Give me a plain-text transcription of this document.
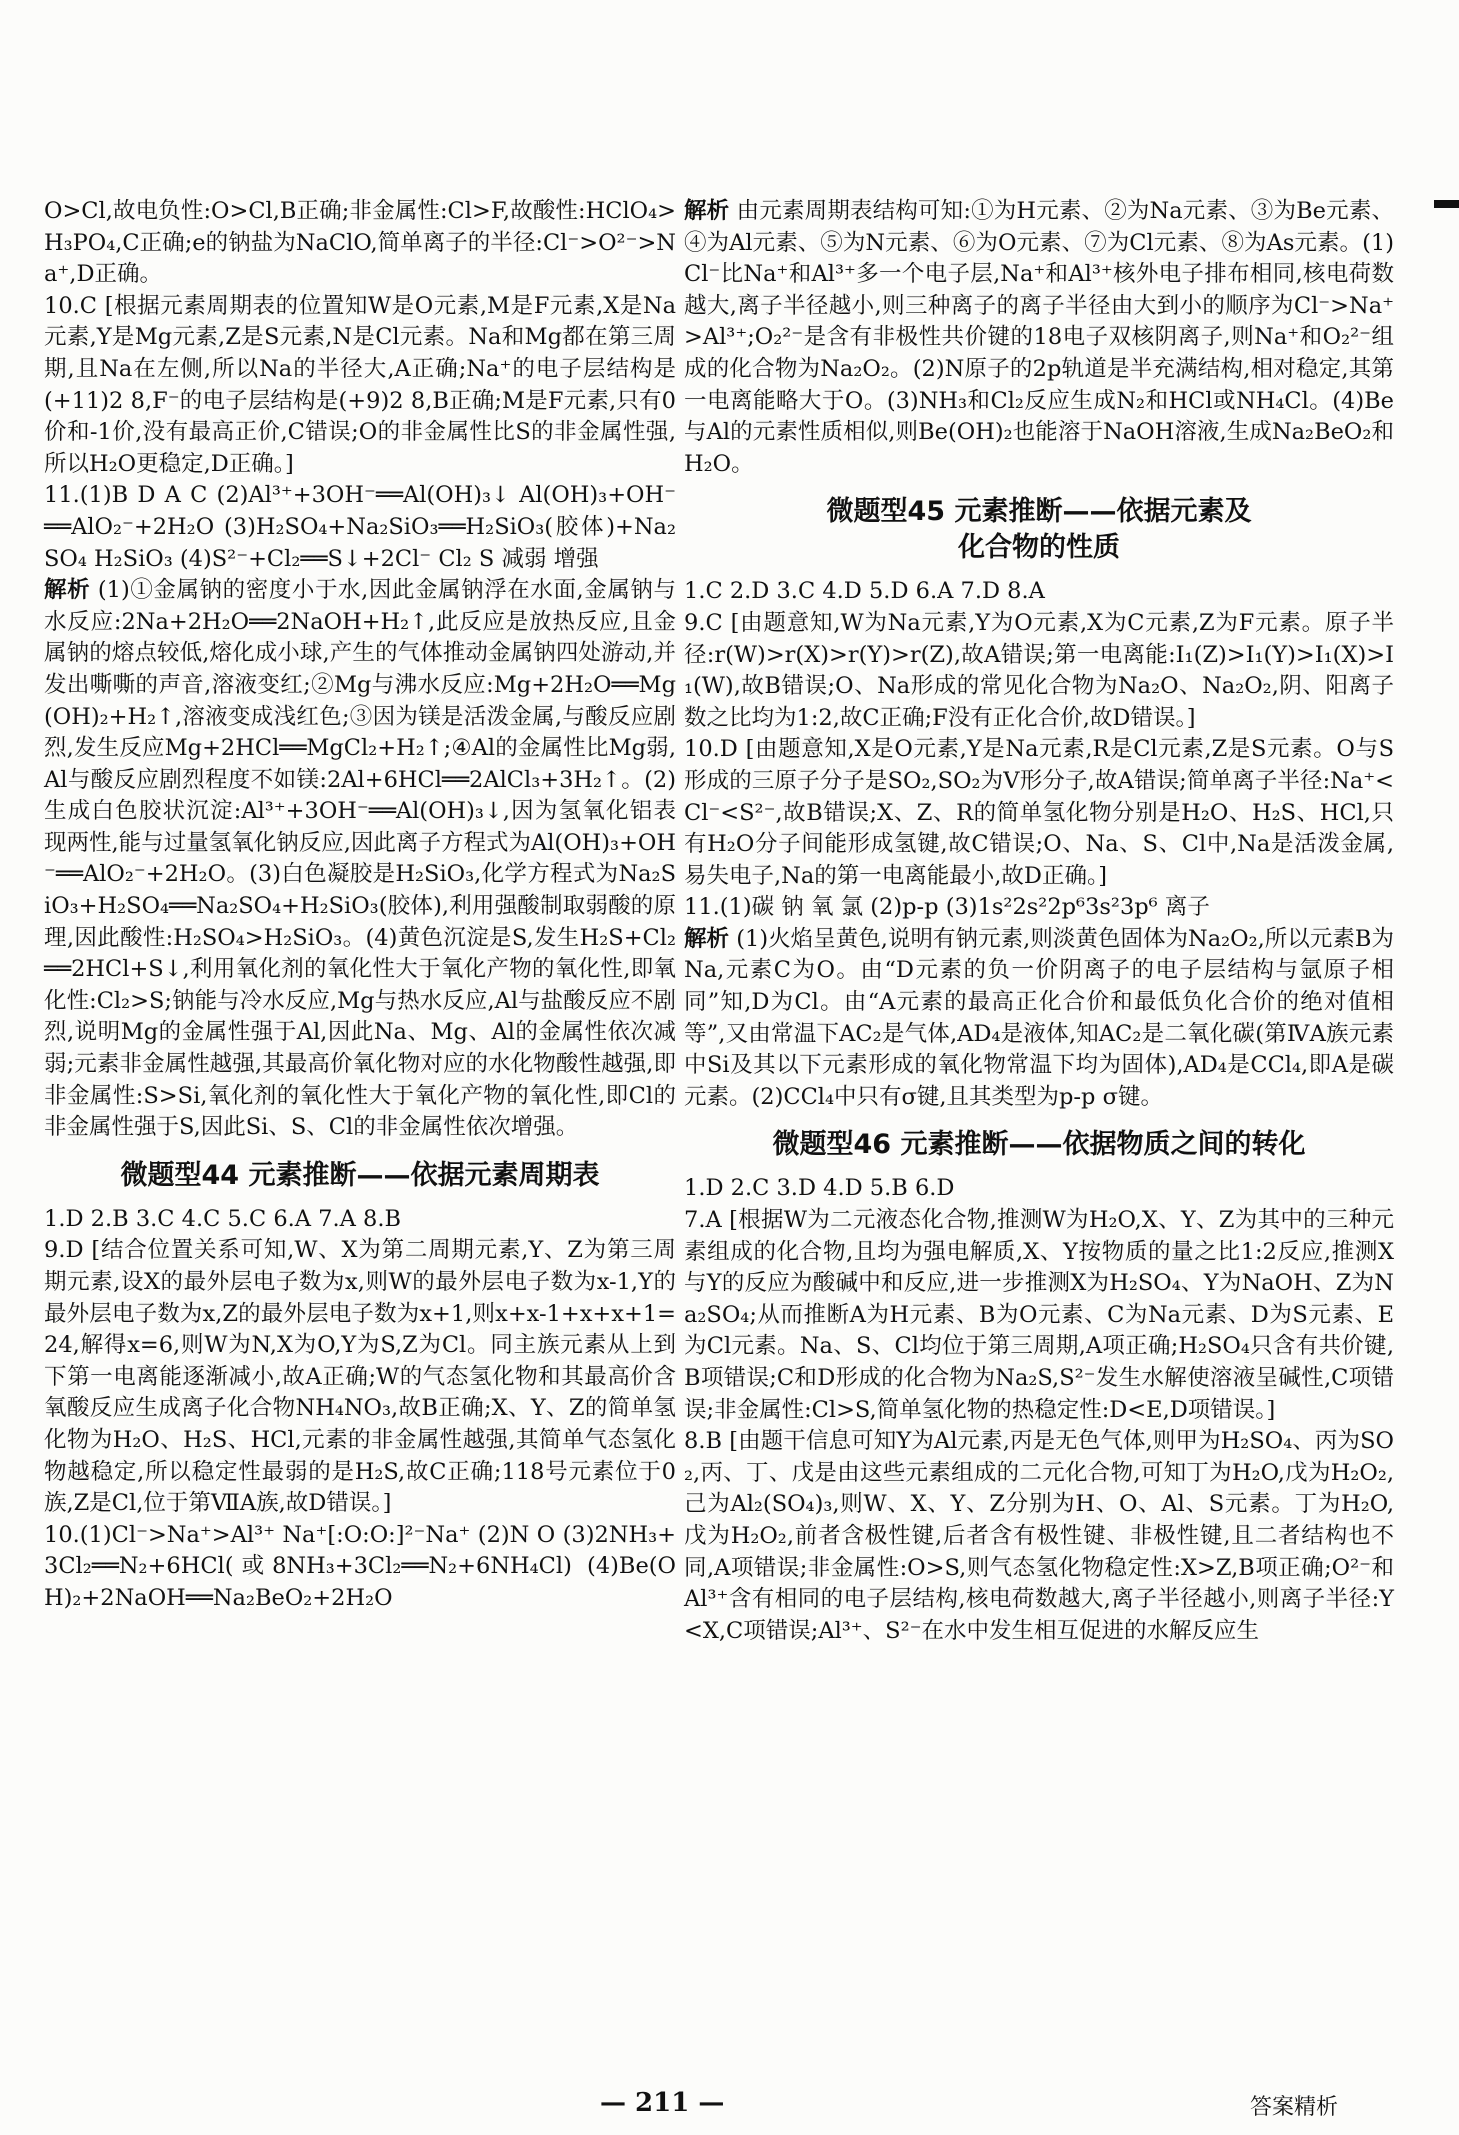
O>Cl,故电负性:O>Cl,B正确;非金属性:Cl>F,故酸性:HClO₄>H₃PO₄,C正确;e的钠盐为NaClO,简单离子的半径:Cl⁻>O²⁻>Na⁺,D正确。

10.C [根据元素周期表的位置知W是O元素,M是F元素,X是Na元素,Y是Mg元素,Z是S元素,N是Cl元素。Na和Mg都在第三周期,且Na在左侧,所以Na的半径大,A正确;Na⁺的电子层结构是(+11)2 8,F⁻的电子层结构是(+9)2 8,B正确;M是F元素,只有0价和-1价,没有最高正价,C错误;O的非金属性比S的非金属性强,所以H₂O更稳定,D正确。]

11.(1)B D A C (2)Al³⁺+3OH⁻══Al(OH)₃↓ Al(OH)₃+OH⁻══AlO₂⁻+2H₂O (3)H₂SO₄+Na₂SiO₃══H₂SiO₃(胶体)+Na₂SO₄ H₂SiO₃ (4)S²⁻+Cl₂══S↓+2Cl⁻ Cl₂ S 减弱 增强

解析 (1)①金属钠的密度小于水,因此金属钠浮在水面,金属钠与水反应:2Na+2H₂O══2NaOH+H₂↑,此反应是放热反应,且金属钠的熔点较低,熔化成小球,产生的气体推动金属钠四处游动,并发出嘶嘶的声音,溶液变红;②Mg与沸水反应:Mg+2H₂O══Mg(OH)₂+H₂↑,溶液变成浅红色;③因为镁是活泼金属,与酸反应剧烈,发生反应Mg+2HCl══MgCl₂+H₂↑;④Al的金属性比Mg弱,Al与酸反应剧烈程度不如镁:2Al+6HCl══2AlCl₃+3H₂↑。(2)生成白色胶状沉淀:Al³⁺+3OH⁻══Al(OH)₃↓,因为氢氧化铝表现两性,能与过量氢氧化钠反应,因此离子方程式为Al(OH)₃+OH⁻══AlO₂⁻+2H₂O。(3)白色凝胶是H₂SiO₃,化学方程式为Na₂SiO₃+H₂SO₄══Na₂SO₄+H₂SiO₃(胶体),利用强酸制取弱酸的原理,因此酸性:H₂SO₄>H₂SiO₃。(4)黄色沉淀是S,发生H₂S+Cl₂══2HCl+S↓,利用氧化剂的氧化性大于氧化产物的氧化性,即氧化性:Cl₂>S;钠能与冷水反应,Mg与热水反应,Al与盐酸反应不剧烈,说明Mg的金属性强于Al,因此Na、Mg、Al的金属性依次减弱;元素非金属性越强,其最高价氧化物对应的水化物酸性越强,即非金属性:S>Si,氧化剂的氧化性大于氧化产物的氧化性,即Cl的非金属性强于S,因此Si、S、Cl的非金属性依次增强。

微题型44 元素推断——依据元素周期表

1.D 2.B 3.C 4.C 5.C 6.A 7.A 8.B

9.D [结合位置关系可知,W、X为第二周期元素,Y、Z为第三周期元素,设X的最外层电子数为x,则W的最外层电子数为x-1,Y的最外层电子数为x,Z的最外层电子数为x+1,则x+x-1+x+x+1=24,解得x=6,则W为N,X为O,Y为S,Z为Cl。同主族元素从上到下第一电离能逐渐减小,故A正确;W的气态氢化物和其最高价含氧酸反应生成离子化合物NH₄NO₃,故B正确;X、Y、Z的简单氢化物为H₂O、H₂S、HCl,元素的非金属性越强,其简单气态氢化物越稳定,所以稳定性最弱的是H₂S,故C正确;118号元素位于0族,Z是Cl,位于第ⅦA族,故D错误。]

10.(1)Cl⁻>Na⁺>Al³⁺ Na⁺[:O:O:]²⁻Na⁺ (2)N O (3)2NH₃+3Cl₂══N₂+6HCl(或8NH₃+3Cl₂══N₂+6NH₄Cl) (4)Be(OH)₂+2NaOH══Na₂BeO₂+2H₂O

解析 由元素周期表结构可知:①为H元素、②为Na元素、③为Be元素、④为Al元素、⑤为N元素、⑥为O元素、⑦为Cl元素、⑧为As元素。(1)Cl⁻比Na⁺和Al³⁺多一个电子层,Na⁺和Al³⁺核外电子排布相同,核电荷数越大,离子半径越小,则三种离子的离子半径由大到小的顺序为Cl⁻>Na⁺>Al³⁺;O₂²⁻是含有非极性共价键的18电子双核阴离子,则Na⁺和O₂²⁻组成的化合物为Na₂O₂。(2)N原子的2p轨道是半充满结构,相对稳定,其第一电离能略大于O。(3)NH₃和Cl₂反应生成N₂和HCl或NH₄Cl。(4)Be与Al的元素性质相似,则Be(OH)₂也能溶于NaOH溶液,生成Na₂BeO₂和H₂O。

微题型45 元素推断——依据元素及
化合物的性质

1.C 2.D 3.C 4.D 5.D 6.A 7.D 8.A

9.C [由题意知,W为Na元素,Y为O元素,X为C元素,Z为F元素。原子半径:r(W)>r(X)>r(Y)>r(Z),故A错误;第一电离能:I₁(Z)>I₁(Y)>I₁(X)>I₁(W),故B错误;O、Na形成的常见化合物为Na₂O、Na₂O₂,阴、阳离子数之比均为1:2,故C正确;F没有正化合价,故D错误。]

10.D [由题意知,X是O元素,Y是Na元素,R是Cl元素,Z是S元素。O与S形成的三原子分子是SO₂,SO₂为V形分子,故A错误;简单离子半径:Na⁺<Cl⁻<S²⁻,故B错误;X、Z、R的简单氢化物分别是H₂O、H₂S、HCl,只有H₂O分子间能形成氢键,故C错误;O、Na、S、Cl中,Na是活泼金属,易失电子,Na的第一电离能最小,故D正确。]

11.(1)碳 钠 氧 氯 (2)p-p (3)1s²2s²2p⁶3s²3p⁶ 离子

解析 (1)火焰呈黄色,说明有钠元素,则淡黄色固体为Na₂O₂,所以元素B为Na,元素C为O。由“D元素的负一价阴离子的电子层结构与氩原子相同”知,D为Cl。由“A元素的最高正化合价和最低负化合价的绝对值相等”,又由常温下AC₂是气体,AD₄是液体,知AC₂是二氧化碳(第ⅣA族元素中Si及其以下元素形成的氧化物常温下均为固体),AD₄是CCl₄,即A是碳元素。(2)CCl₄中只有σ键,且其类型为p-p σ键。

微题型46 元素推断——依据物质之间的转化

1.D 2.C 3.D 4.D 5.B 6.D

7.A [根据W为二元液态化合物,推测W为H₂O,X、Y、Z为其中的三种元素组成的化合物,且均为强电解质,X、Y按物质的量之比1:2反应,推测X与Y的反应为酸碱中和反应,进一步推测X为H₂SO₄、Y为NaOH、Z为Na₂SO₄;从而推断A为H元素、B为O元素、C为Na元素、D为S元素、E为Cl元素。Na、S、Cl均位于第三周期,A项正确;H₂SO₄只含有共价键,B项错误;C和D形成的化合物为Na₂S,S²⁻发生水解使溶液呈碱性,C项错误;非金属性:Cl>S,简单氢化物的热稳定性:D<E,D项错误。]

8.B [由题干信息可知Y为Al元素,丙是无色气体,则甲为H₂SO₄、丙为SO₂,丙、丁、戊是由这些元素组成的二元化合物,可知丁为H₂O,戊为H₂O₂,己为Al₂(SO₄)₃,则W、X、Y、Z分别为H、O、Al、S元素。丁为H₂O,戊为H₂O₂,前者含极性键,后者含有极性键、非极性键,且二者结构也不同,A项错误;非金属性:O>S,则气态氢化物稳定性:X>Z,B项正确;O²⁻和Al³⁺含有相同的电子层结构,核电荷数越大,离子半径越小,则离子半径:Y<X,C项错误;Al³⁺、S²⁻在水中发生相互促进的水解反应生

— 211 —	答案精析
